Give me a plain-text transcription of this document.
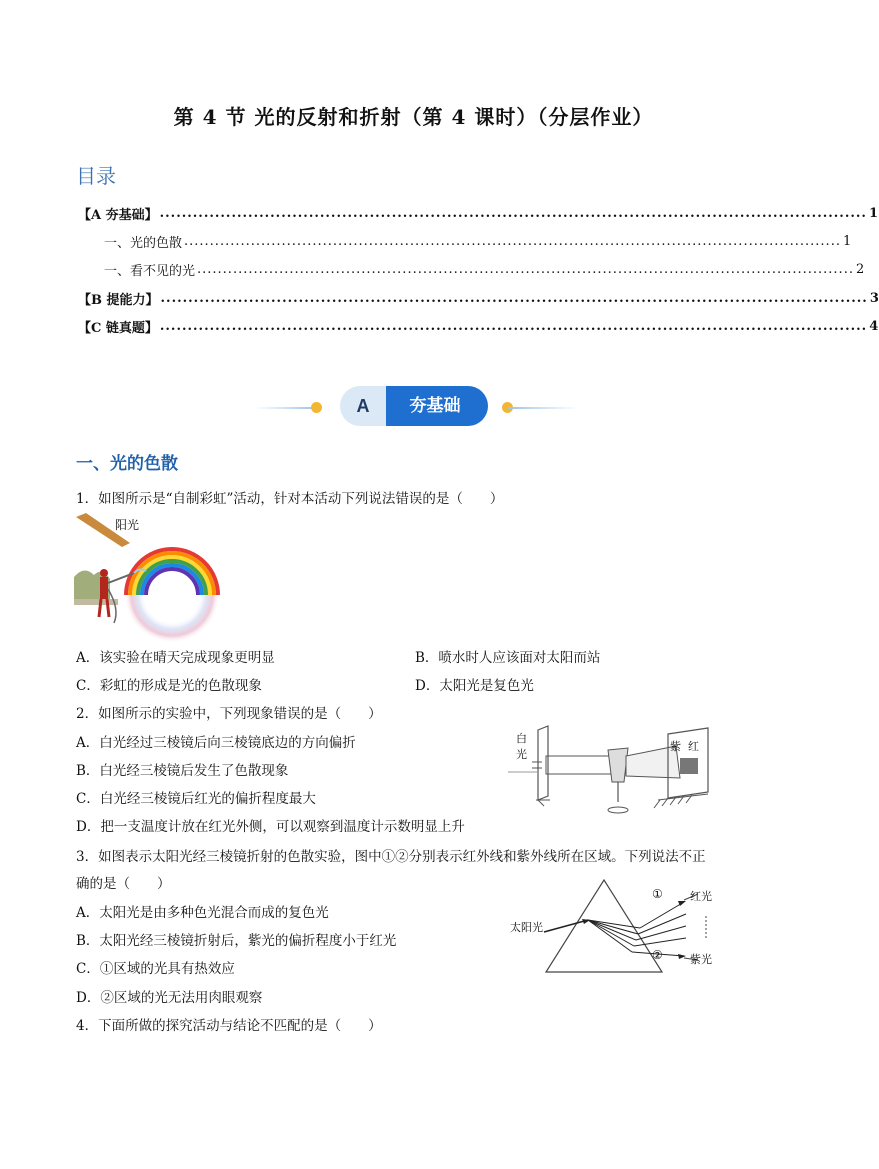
第 4 节 光的反射和折射（第 4 课时）（分层作业）
目录
【A 夯基础】 ................................................................................................................................ 1
一、光的色散 ................................................................................................................................ 1
一、看不见的光 ................................................................................................................................ 2
【B 提能力】 ................................................................................................................................ 3
【C 链真题】 ................................................................................................................................ 4
A	夯基础
一、光的色散
1．如图所示是“自制彩虹”活动，针对本活动下列说法错误的是（　　）
阳光
A．该实验在晴天完成现象更明显	B．喷水时人应该面对太阳而站
C．彩虹的形成是光的色散现象	D．太阳光是复色光
2．如图所示的实验中，下列现象错误的是（　　）
A．白光经过三棱镜后向三棱镜底边的方向偏折
B．白光经三棱镜后发生了色散现象
C．白光经三棱镜后红光的偏折程度最大
D．把一支温度计放在红光外侧，可以观察到温度计示数明显上升
白
光
紫 红
3．如图表示太阳光经三棱镜折射的色散实验，图中①②分别表示红外线和紫外线所在区域。下列说法不正
确的是（　　）
A．太阳光是由多种色光混合而成的复色光
B．太阳光经三棱镜折射后，紫光的偏折程度小于红光
C．①区域的光具有热效应
D．②区域的光无法用肉眼观察
太阳光
①
②
红光
紫光
4．下面所做的探究活动与结论不匹配的是（　　）
